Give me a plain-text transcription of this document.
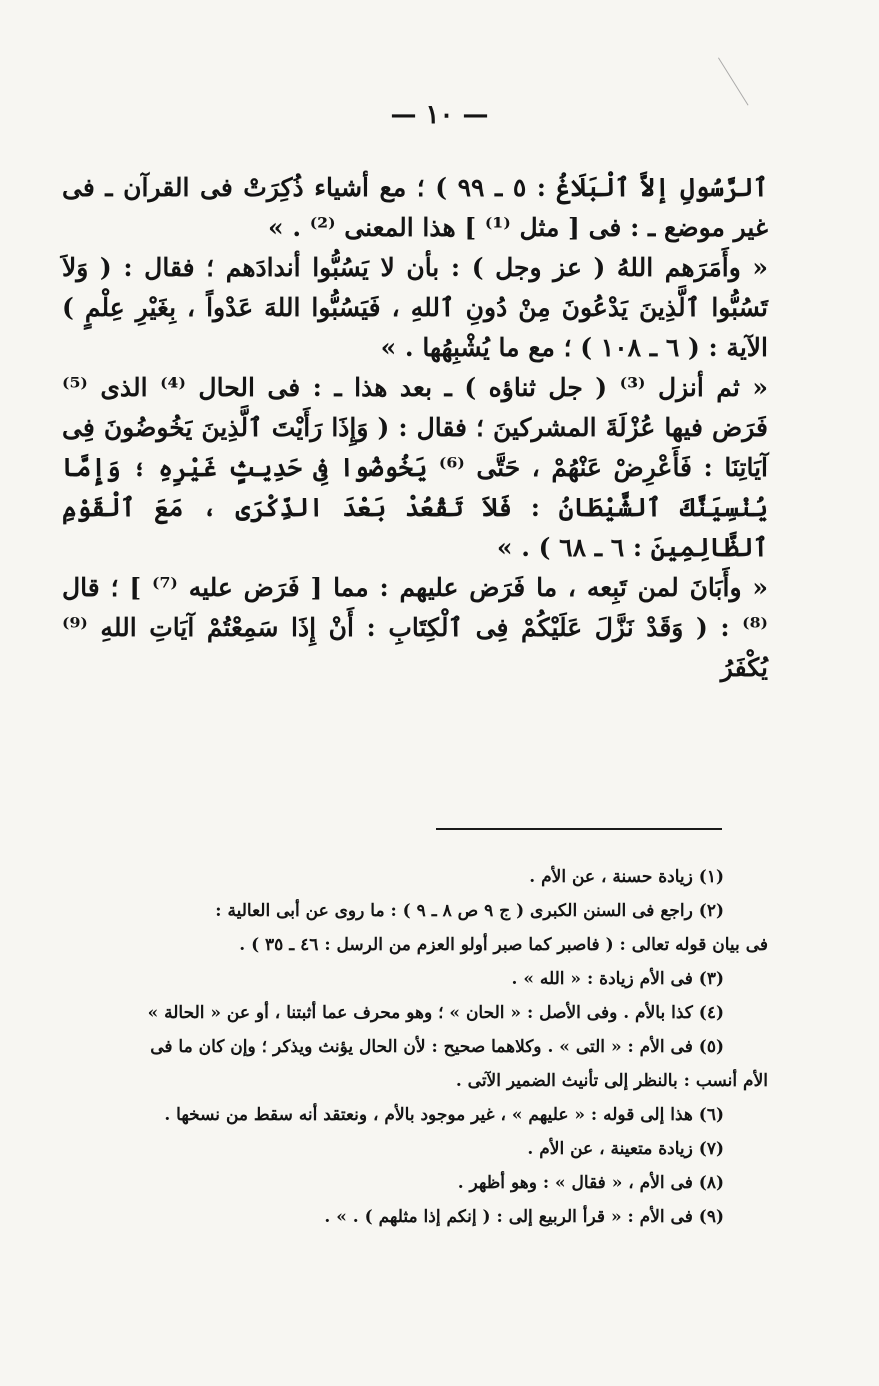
— ١٠ —

ٱلرَّسُولِ إلاَّ ٱلْبَلَاغُ : ٥ ـ ٩٩ ) ؛ مع أشياء ذُكِرَتْ فى القرآن ـ فى غير موضع ـ : فى [ مثل ⁽¹⁾ ] هذا المعنى ⁽²⁾ . »

« وأَمَرَهم اللهُ ( عز وجل ) : بأن لا يَسُبُّوا أندادَهم ؛ فقال : ( وَلاَ تَسُبُّوا ٱلَّذِينَ يَدْعُونَ مِنْ دُونِ ٱللهِ ، فَيَسُبُّوا اللهَ عَدْواً ، بِغَيْرِ عِلْمٍ ) الآية : ( ٦ ـ ١٠٨ ) ؛ مع ما يُشْبِهُها . »

« ثم أنزل ⁽³⁾ ( جل ثناؤه ) ـ بعد هذا ـ : فى الحال ⁽⁴⁾ الذى ⁽⁵⁾ فَرَض فيها عُزْلَةَ المشركينَ ؛ فقال : ( وَإِذَا رَأَيْتَ ٱلَّذِينَ يَخُوضُونَ فِى آيَاتِنَا : فَأَعْرِضْ عَنْهُمْ ، حَتَّى ⁽⁶⁾ يَخُوضُوا فِى حَدِيثٍ غَيْرِهِ ؛ وَإِمَّا يُنْسِيَنَّكَ ٱلشَّيْطَانُ : فَلاَ تَقْعُدْ بَعْدَ الذِّكْرَى ، مَعَ ٱلْقَوْمِ ٱلظَّالِمِينَ : ٦ ـ ٦٨ ) . »

« وأَبَانَ لمن تَبِعه ، ما فَرَض عليهم : مما [ فَرَض عليه ⁽⁷⁾ ] ؛ قال ⁽⁸⁾ : ( وَقَدْ نَزَّلَ عَلَيْكُمْ فِى ٱلْكِتَابِ : أَنْ إِذَا سَمِعْتُمْ آيَاتِ اللهِ ⁽⁹⁾ يُكْفَرُ

(١) زيادة حسنة ، عن الأم .

(٢) راجع فى السنن الكبرى ( ج ٩ ص ٨ ـ ٩ ) : ما روى عن أبى العالية :

فى بيان قوله تعالى : ( فاصبر كما صبر أولو العزم من الرسل : ٤٦ ـ ٣٥ ) .

(٣) فى الأم زيادة : « الله » .

(٤) كذا بالأم . وفى الأصل : « الحان » ؛ وهو محرف عما أثبتنا ، أو عن « الحالة »

(٥) فى الأم : « التى » . وكلاهما صحيح : لأن الحال يؤنث ويذكر ؛ وإن كان ما فى

الأم أنسب : بالنظر إلى تأنيث الضمير الآتى .

(٦) هذا إلى قوله : « عليهم » ، غير موجود بالأم ، ونعتقد أنه سقط من نسخها .

(٧) زيادة متعينة ، عن الأم .

(٨) فى الأم ، « فقال » : وهو أظهر .

(٩) فى الأم : « قرأ الربيع إلى : ( إنكم إذا مثلهم ) . » .
